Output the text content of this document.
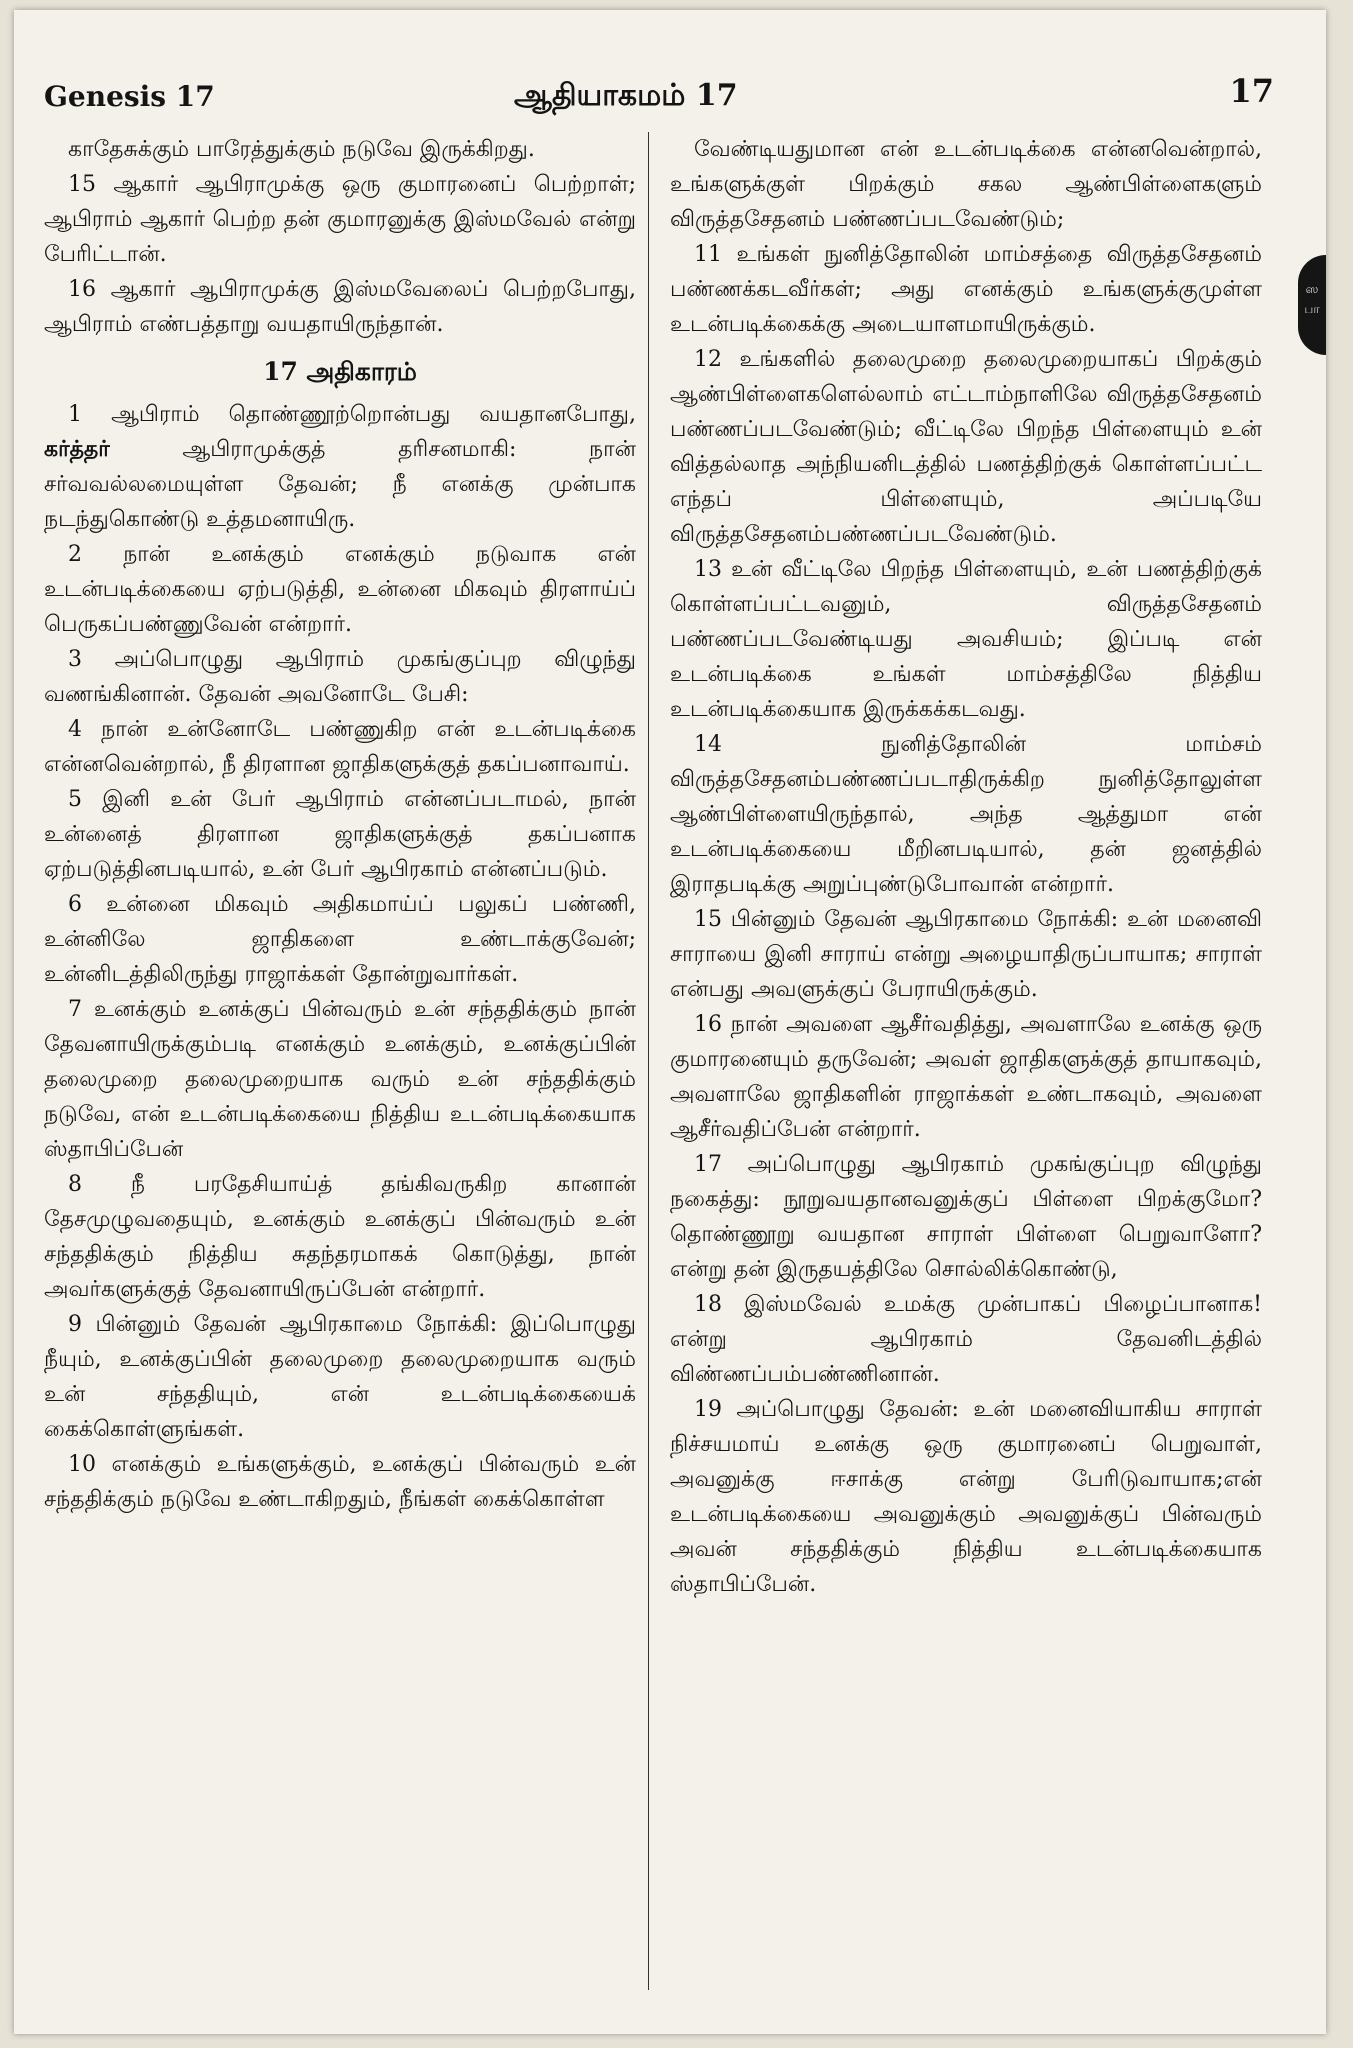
Genesis 17	ஆதியாகமம் 17	17

காதேசுக்கும் பாரேத்துக்கும் நடுவே இருக்கிறது.

15 ஆகார் ஆபிராமுக்கு ஒரு குமாரனைப் பெற்றாள்; ஆபிராம் ஆகார் பெற்ற தன் குமாரனுக்கு இஸ்மவேல் என்று பேரிட்டான்.

16 ஆகார் ஆபிராமுக்கு இஸ்மவேலைப் பெற்றபோது, ஆபிராம் எண்பத்தாறு வயதாயிருந்தான்.

17 அதிகாரம்

1 ஆபிராம் தொண்ணூற்றொன்பது வயதானபோது, கர்த்தர் ஆபிராமுக்குத் தரிசனமாகி: நான் சர்வவல்லமையுள்ள தேவன்; நீ எனக்கு முன்பாக நடந்துகொண்டு உத்தமனாயிரு.

2 நான் உனக்கும் எனக்கும் நடுவாக என் உடன்படிக்கையை ஏற்படுத்தி, உன்னை மிகவும் திரளாய்ப் பெருகப்பண்ணுவேன் என்றார்.

3 அப்பொழுது ஆபிராம் முகங்குப்புற விழுந்து வணங்கினான். தேவன் அவனோடே பேசி:

4 நான் உன்னோடே பண்ணுகிற என் உடன்படிக்கை என்னவென்றால், நீ திரளான ஜாதிகளுக்குத் தகப்பனாவாய்.

5 இனி உன் பேர் ஆபிராம் என்னப்படாமல், நான் உன்னைத் திரளான ஜாதிகளுக்குத் தகப்பனாக ஏற்படுத்தினபடியால், உன் பேர் ஆபிரகாம் என்னப்படும்.

6 உன்னை மிகவும் அதிகமாய்ப் பலுகப் பண்ணி, உன்னிலே ஜாதிகளை உண்டாக்குவேன்; உன்னிடத்திலிருந்து ராஜாக்கள் தோன்றுவார்கள்.

7 உனக்கும் உனக்குப் பின்வரும் உன் சந்ததிக்கும் நான் தேவனாயிருக்கும்படி எனக்கும் உனக்கும், உனக்குப்பின் தலைமுறை தலைமுறையாக வரும் உன் சந்ததிக்கும் நடுவே, என் உடன்படிக்கையை நித்திய உடன்படிக்கையாக ஸ்தாபிப்பேன்

8 நீ பரதேசியாய்த் தங்கிவருகிற கானான் தேசமுழுவதையும், உனக்கும் உனக்குப் பின்வரும் உன் சந்ததிக்கும் நித்திய சுதந்தரமாகக் கொடுத்து, நான் அவர்களுக்குத் தேவனாயிருப்பேன் என்றார்.

9 பின்னும் தேவன் ஆபிரகாமை நோக்கி: இப்பொழுது நீயும், உனக்குப்பின் தலைமுறை தலைமுறையாக வரும் உன் சந்ததியும், என் உடன்படிக்கையைக் கைக்கொள்ளுங்கள்.

10 எனக்கும் உங்களுக்கும், உனக்குப் பின்வரும் உன் சந்ததிக்கும் நடுவே உண்டாகிறதும், நீங்கள் கைக்கொள்ள

வேண்டியதுமான என் உடன்படிக்கை என்னவென்றால், உங்களுக்குள் பிறக்கும் சகல ஆண்பிள்ளைகளும் விருத்தசேதனம் பண்ணப்படவேண்டும்;

11 உங்கள் நுனித்தோலின் மாம்சத்தை விருத்தசேதனம் பண்ணக்கடவீர்கள்; அது எனக்கும் உங்களுக்குமுள்ள உடன்படிக்கைக்கு அடையாளமாயிருக்கும்.

12 உங்களில் தலைமுறை தலைமுறையாகப் பிறக்கும் ஆண்பிள்ளைகளெல்லாம் எட்டாம்நாளிலே விருத்தசேதனம் பண்ணப்படவேண்டும்; வீட்டிலே பிறந்த பிள்ளையும் உன் வித்தல்லாத அந்நியனிடத்தில் பணத்திற்குக் கொள்ளப்பட்ட எந்தப் பிள்ளையும், அப்படியே விருத்தசேதனம்பண்ணப்படவேண்டும்.

13 உன் வீட்டிலே பிறந்த பிள்ளையும், உன் பணத்திற்குக் கொள்ளப்பட்டவனும், விருத்தசேதனம் பண்ணப்படவேண்டியது அவசியம்; இப்படி என் உடன்படிக்கை உங்கள் மாம்சத்திலே நித்திய உடன்படிக்கையாக இருக்கக்கடவது.

14 நுனித்தோலின் மாம்சம் விருத்தசேதனம்பண்ணப்படாதிருக்கிற நுனித்தோலுள்ள ஆண்பிள்ளையிருந்தால், அந்த ஆத்துமா என் உடன்படிக்கையை மீறினபடியால், தன் ஜனத்தில் இராதபடிக்கு அறுப்புண்டுபோவான் என்றார்.

15 பின்னும் தேவன் ஆபிரகாமை நோக்கி: உன் மனைவி சாராயை இனி சாராய் என்று அழையாதிருப்பாயாக; சாராள் என்பது அவளுக்குப் பேராயிருக்கும்.

16 நான் அவளை ஆசீர்வதித்து, அவளாலே உனக்கு ஒரு குமாரனையும் தருவேன்; அவள் ஜாதிகளுக்குத் தாயாகவும், அவளாலே ஜாதிகளின் ராஜாக்கள் உண்டாகவும், அவளை ஆசீர்வதிப்பேன் என்றார்.

17 அப்பொழுது ஆபிரகாம் முகங்குப்புற விழுந்து நகைத்து: நூறுவயதானவனுக்குப் பிள்ளை பிறக்குமோ? தொண்ணூறு வயதான சாராள் பிள்ளை பெறுவாளோ? என்று தன் இருதயத்திலே சொல்லிக்கொண்டு,

18 இஸ்மவேல் உமக்கு முன்பாகப் பிழைப்பானாக! என்று ஆபிரகாம் தேவனிடத்தில் விண்ணப்பம்பண்ணினான்.

19 அப்பொழுது தேவன்: உன் மனைவியாகிய சாராள் நிச்சயமாய் உனக்கு ஒரு குமாரனைப் பெறுவாள், அவனுக்கு ஈசாக்கு என்று பேரிடுவாயாக;என் உடன்படிக்கையை அவனுக்கும் அவனுக்குப் பின்வரும் அவன் சந்ததிக்கும் நித்திய உடன்படிக்கையாக ஸ்தாபிப்பேன்.

ஸ
பா
